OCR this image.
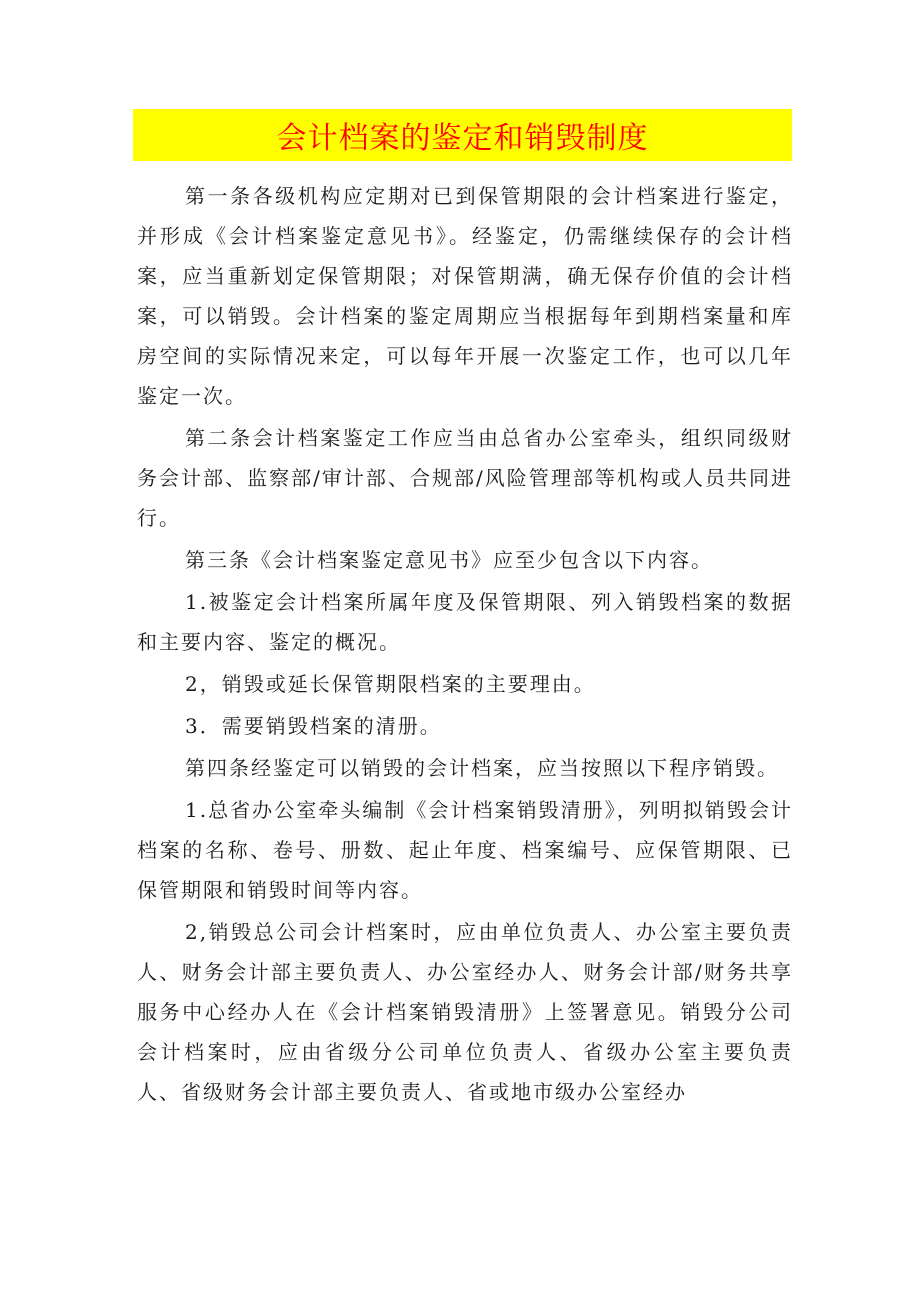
会计档案的鉴定和销毁制度

第一条各级机构应定期对已到保管期限的会计档案进行鉴定，并形成《会计档案鉴定意见书》。经鉴定，仍需继续保存的会计档案，应当重新划定保管期限；对保管期满，确无保存价值的会计档案，可以销毁。会计档案的鉴定周期应当根据每年到期档案量和库房空间的实际情况来定，可以每年开展一次鉴定工作，也可以几年鉴定一次。

第二条会计档案鉴定工作应当由总省办公室牵头，组织同级财务会计部、监察部/审计部、合规部/风险管理部等机构或人员共同进行。

第三条《会计档案鉴定意见书》应至少包含以下内容。

1.被鉴定会计档案所属年度及保管期限、列入销毁档案的数据和主要内容、鉴定的概况。

2，销毁或延长保管期限档案的主要理由。

3．需要销毁档案的清册。

第四条经鉴定可以销毁的会计档案，应当按照以下程序销毁。

1.总省办公室牵头编制《会计档案销毁清册》，列明拟销毁会计档案的名称、卷号、册数、起止年度、档案编号、应保管期限、已保管期限和销毁时间等内容。

2,销毁总公司会计档案时，应由单位负责人、办公室主要负责人、财务会计部主要负责人、办公室经办人、财务会计部/财务共享服务中心经办人在《会计档案销毁清册》上签署意见。销毁分公司会计档案时，应由省级分公司单位负责人、省级办公室主要负责人、省级财务会计部主要负责人、省或地市级办公室经办
